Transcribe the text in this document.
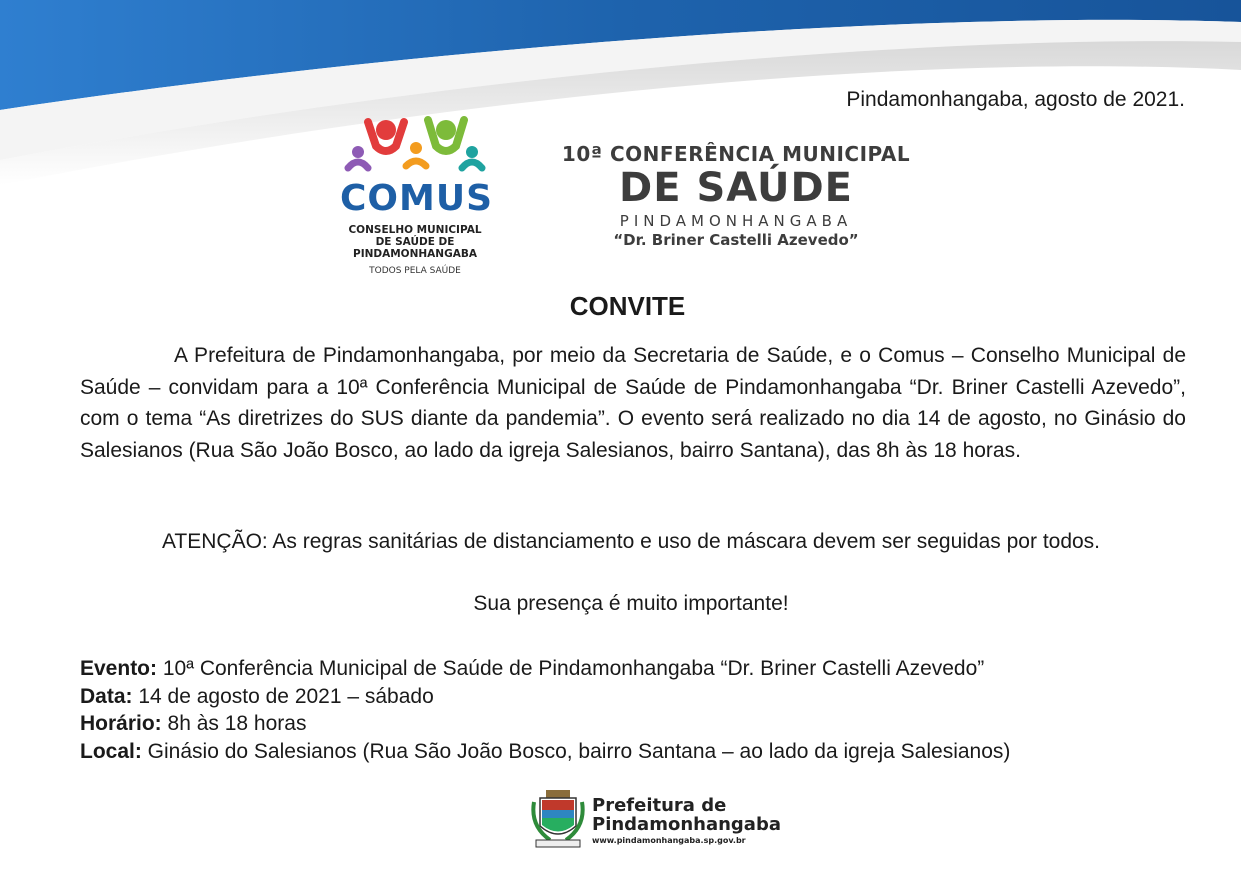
Pindamonhangaba, agosto de 2021.
COMUS
CONSELHO MUNICIPAL
DE SAÚDE DE
PINDAMONHANGABA
TODOS PELA SAÚDE
10ª CONFERÊNCIA MUNICIPAL
DE SAÚDE
PINDAMONHANGABA
“Dr. Briner Castelli Azevedo”
CONVITE
A Prefeitura de Pindamonhangaba, por meio da Secretaria de Saúde, e o Comus – Conselho Municipal de Saúde – convidam para a 10ª Conferência Municipal de Saúde de Pindamonhangaba “Dr. Briner Castelli Azevedo”, com o tema “As diretrizes do SUS diante da pandemia”. O evento será realizado no dia 14 de agosto, no Ginásio do Salesianos (Rua São João Bosco, ao lado da igreja Salesianos, bairro Santana), das 8h às 18 horas.
ATENÇÃO: As regras sanitárias de distanciamento e uso de máscara devem ser seguidas por todos.
Sua presença é muito importante!
Evento: 10ª Conferência Municipal de Saúde de Pindamonhangaba “Dr. Briner Castelli Azevedo”
Data: 14 de agosto de 2021 – sábado
Horário: 8h às 18 horas
Local: Ginásio do Salesianos (Rua São João Bosco, bairro Santana – ao lado da igreja Salesianos)
Prefeitura de
Pindamonhangaba
www.pindamonhangaba.sp.gov.br
